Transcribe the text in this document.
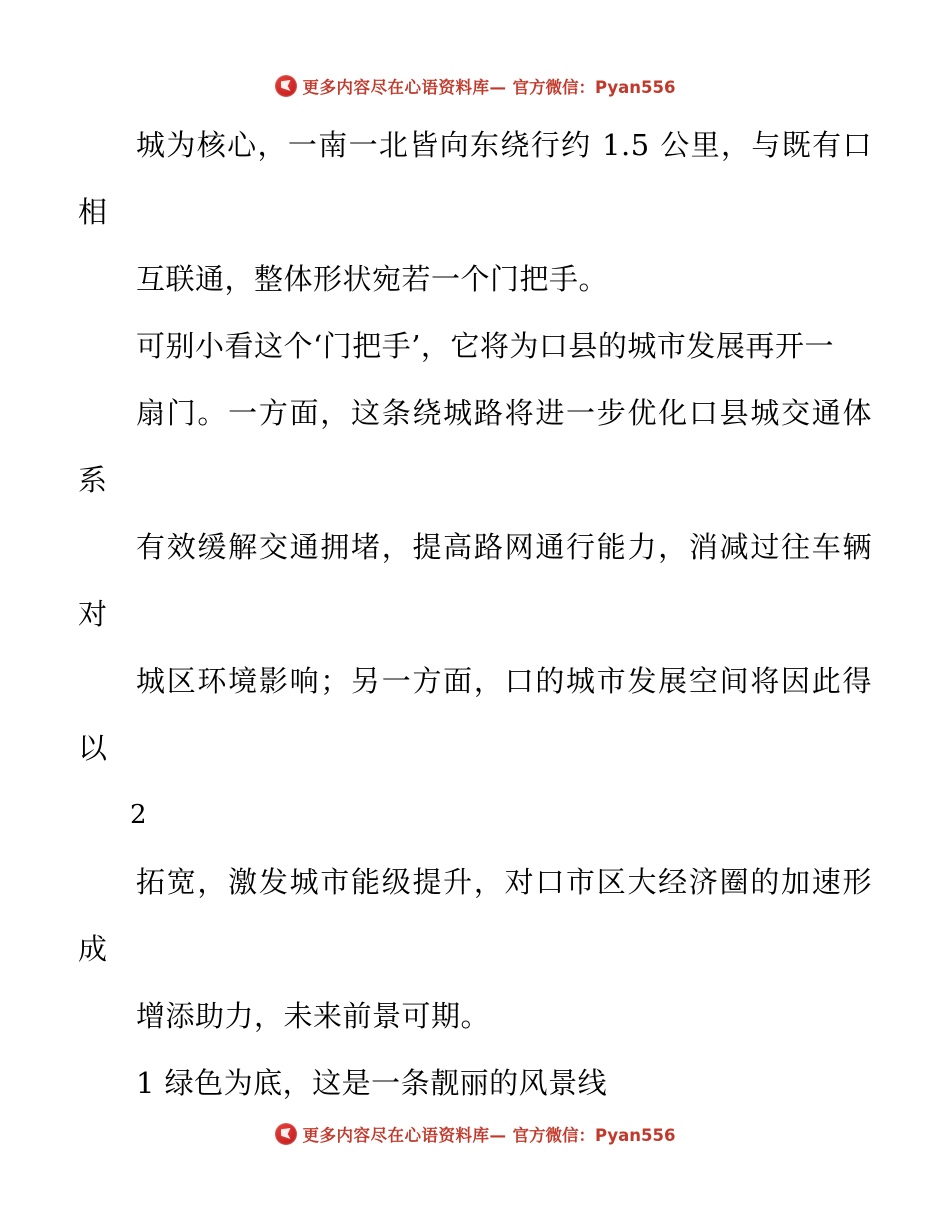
更多内容尽在心语资料库— 官方微信：Pyan556

城为核心，一南一北皆向东绕行约 1.5 公里，与既有口相

互联通，整体形状宛若一个门把手。

可别小看这个‘门把手’，它将为口县的城市发展再开一

扇门。一方面，这条绕城路将进一步优化口县城交通体系

有效缓解交通拥堵，提高路网通行能力，消减过往车辆对

城区环境影响；另一方面，口的城市发展空间将因此得以

2

拓宽，激发城市能级提升，对口市区大经济圈的加速形成

增添助力，未来前景可期。

1 绿色为底，这是一条靓丽的风景线

更多内容尽在心语资料库— 官方微信：Pyan556
